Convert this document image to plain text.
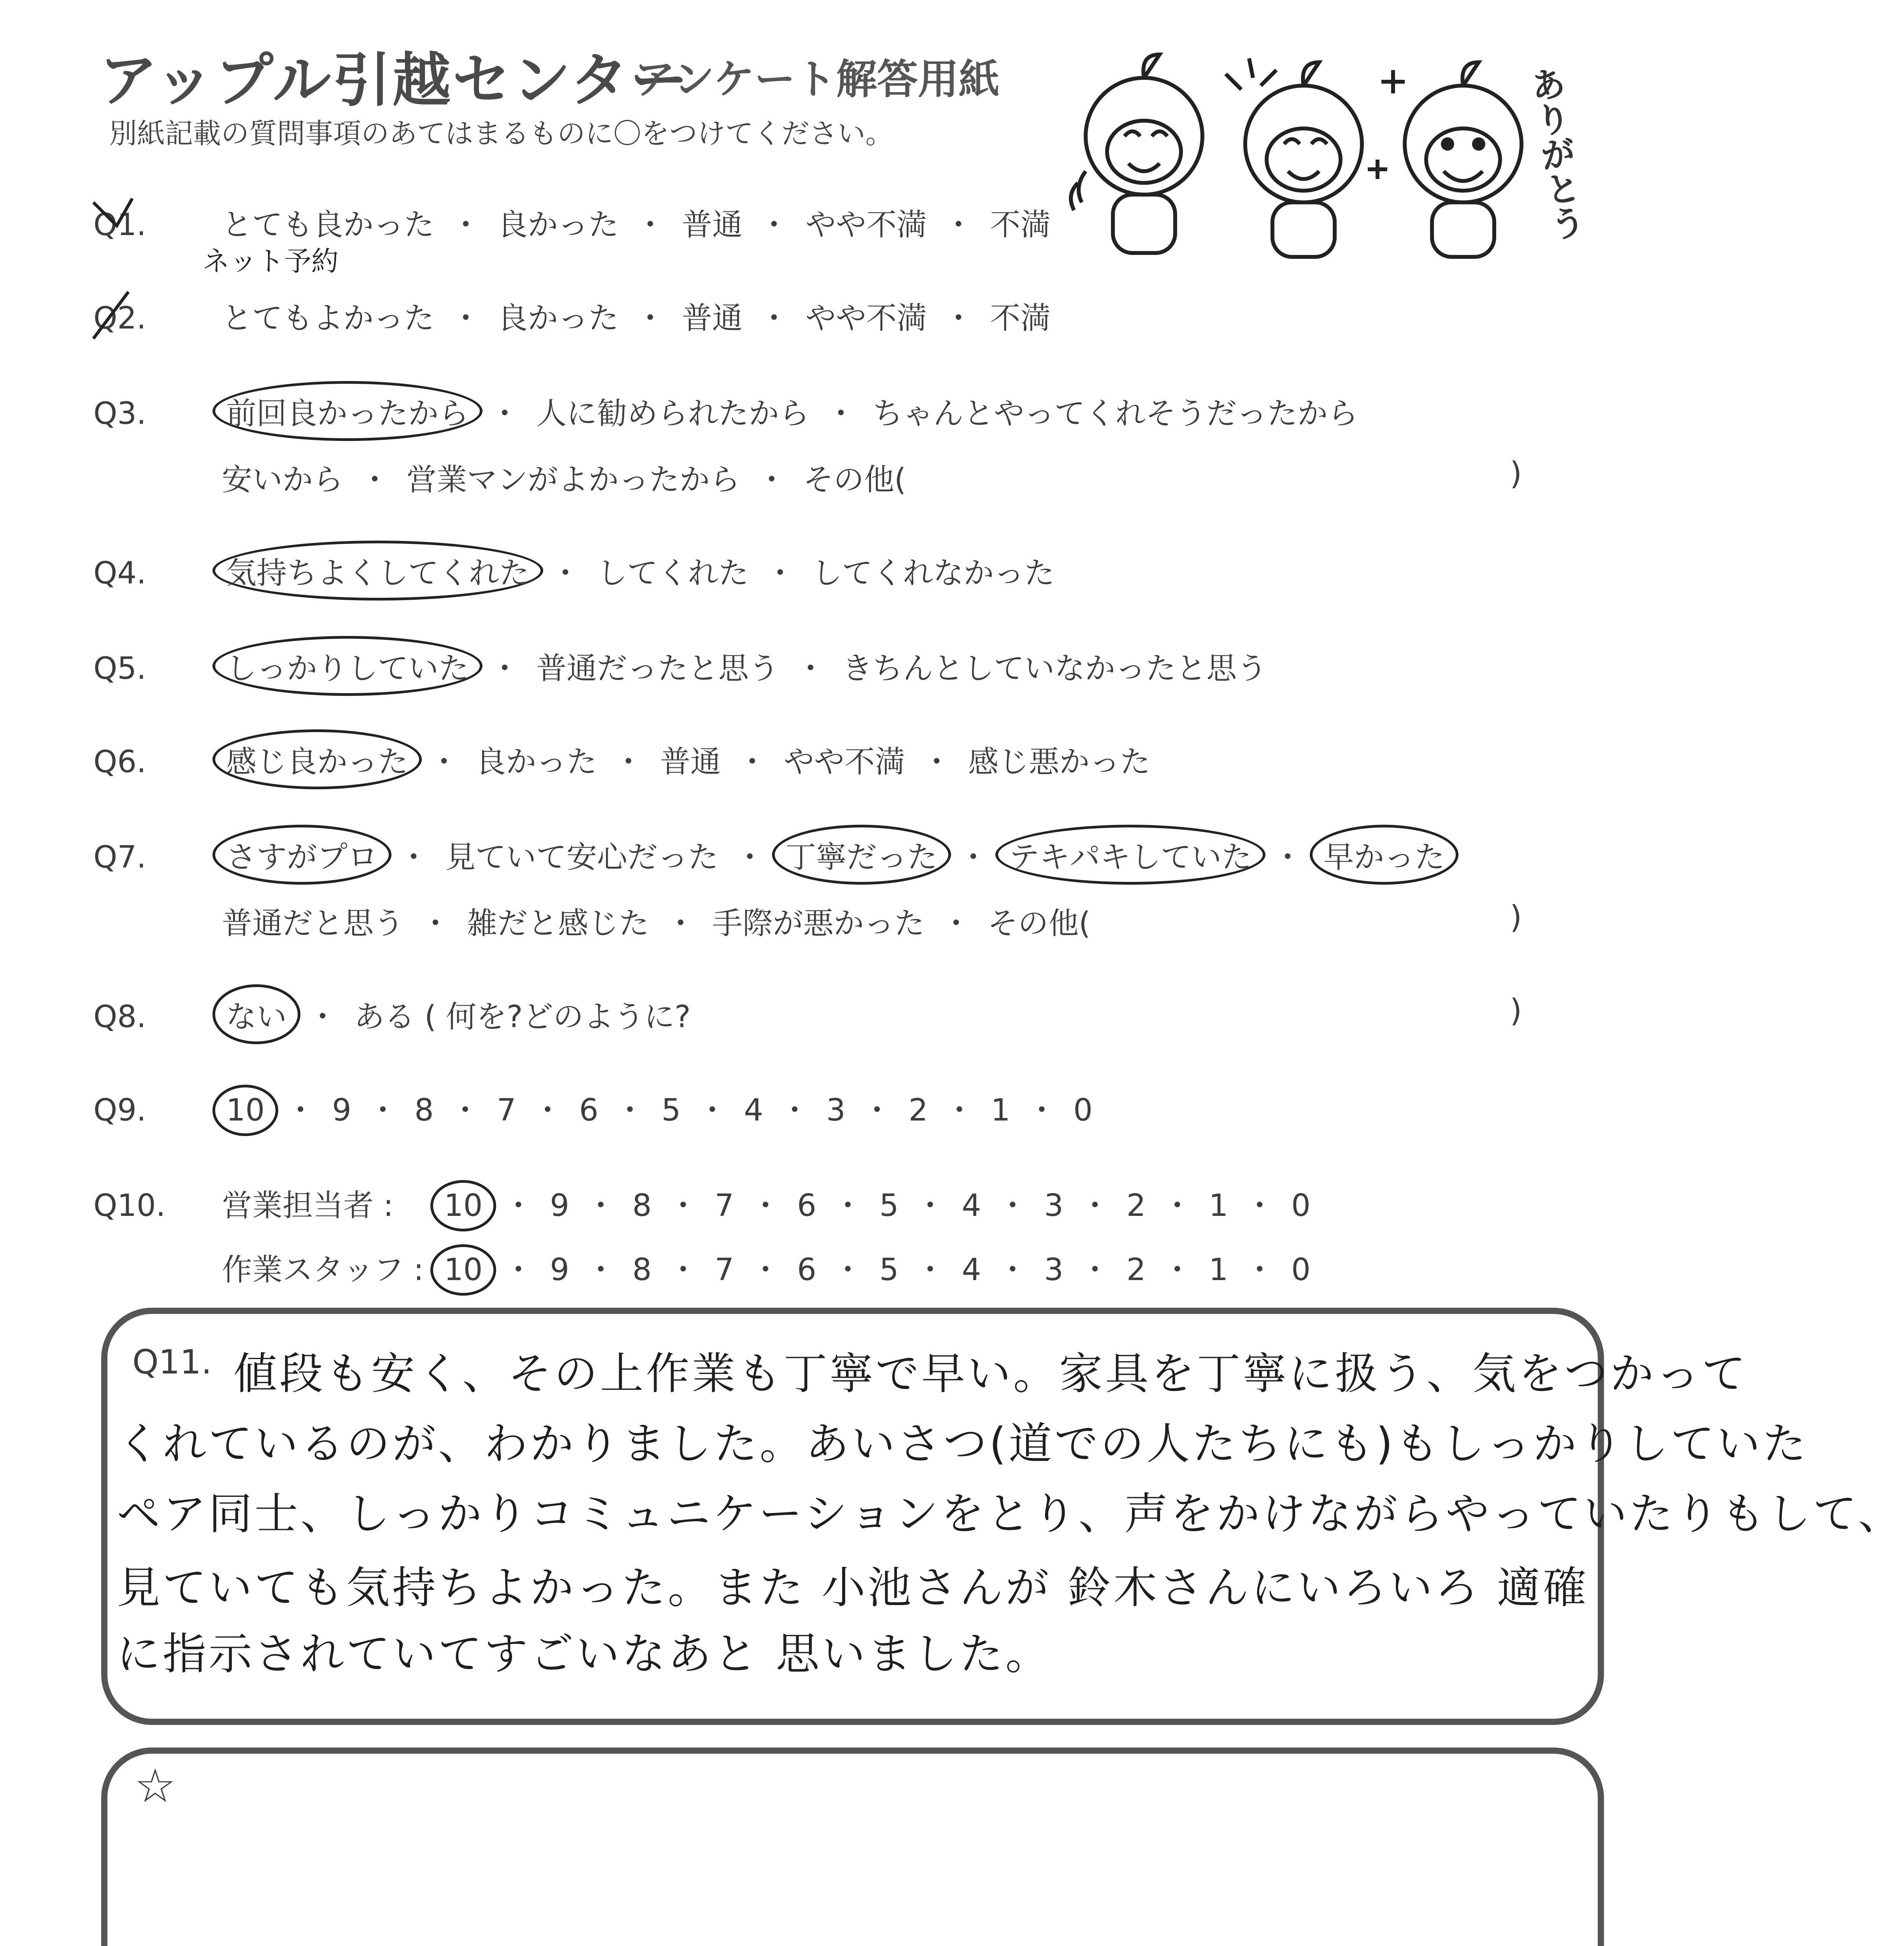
アップル引越センター
アンケート解答用紙
別紙記載の質問事項のあてはまるものに〇をつけてください。	ありがとう
Q1. とても良かった ・ 良かった ・ 普通 ・ やや不満 ・ 不満
ネット予約
Q2. とてもよかった ・ 良かった ・ 普通 ・ やや不満 ・ 不満
Q3.	前回良かったから ・ 人に勧められたから ・ ちゃんとやってくれそうだったから
安いから ・ 営業マンがよかったから ・ その他(	)
Q4.	気持ちよくしてくれた ・ してくれた ・ してくれなかった
Q5.	しっかりしていた ・ 普通だったと思う ・ きちんとしていなかったと思う
Q6.	感じ良かった ・ 良かった ・ 普通 ・ やや不満 ・ 感じ悪かった
Q7.	さすがプロ ・ 見ていて安心だった ・ 丁寧だった ・ テキパキしていた ・ 早かった
普通だと思う ・ 雑だと感じた ・ 手際が悪かった ・ その他(	)
Q8.	ない ・ ある ( 何を?どのように?	)
Q9.	10 ・ 9 ・ 8 ・ 7 ・ 6 ・ 5 ・ 4 ・ 3 ・ 2 ・ 1 ・ 0
Q10. 営業担当者 : 10 ・ 9 ・ 8 ・ 7 ・ 6 ・ 5 ・ 4 ・ 3 ・ 2 ・ 1 ・ 0
作業スタッフ : 10 ・ 9 ・ 8 ・ 7 ・ 6 ・ 5 ・ 4 ・ 3 ・ 2 ・ 1 ・ 0
Q11. 値段も安く、その上作業も丁寧で早い。家具を丁寧に扱う、気をつかって
くれているのが、わかりました。あいさつ(道での人たちにも)もしっかりしていた
ペア同士、しっかりコミュニケーションをとり、声をかけながらやっていたりもして、
見ていても気持ちよかった。また 小池さんが 鈴木さんにいろいろ 適確
に指示されていてすごいなあと 思いました。
☆
